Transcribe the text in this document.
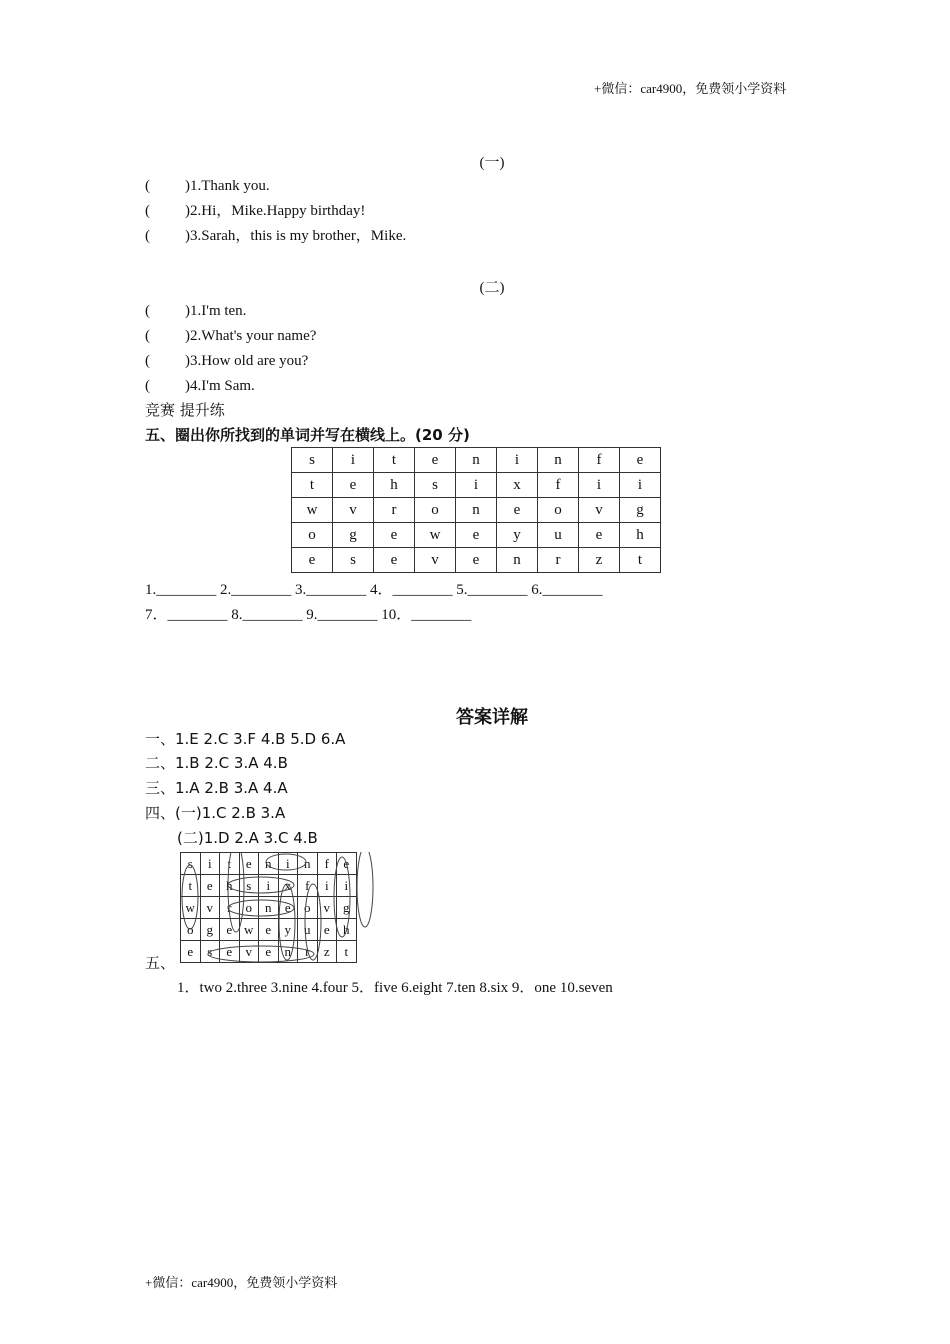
+微信：car4900，免费领小学资料
(一)
( )1.Thank you.
( )2.Hi，Mike.Happy birthday!
( )3.Sarah，this is my brother，Mike.
(二)
( )1.I'm ten.
( )2.What's your name?
( )3.How old are you?
( )4.I'm Sam.
竞赛 提升练
五、圈出你所找到的单词并写在横线上。(20 分)
s	i	t	e	n	i	n	f	e
t	e	h	s	i	x	f	i	i
w	v	r	o	n	e	o	v	g
o	g	e	w	e	y	u	e	h
e	s	e	v	e	n	r	z	t
1.________ 2.________ 3.________ 4．________ 5.________ 6.________
7．________ 8.________ 9.________ 10．________
答案详解
一、1.E 2.C 3.F 4.B 5.D 6.A
二、1.B 2.C 3.A 4.B
三、1.A 2.B 3.A 4.A
四、(一)1.C 2.B 3.A
(二)1.D 2.A 3.C 4.B
s	i	t	e	n	i	n	f	e
t	e	h	s	i	x	f	i	i
w	v	r	o	n	e	o	v	g
o	g	e	w	e	y	u	e	h
e	s	e	v	e	n	r	z	t
五、
1．two 2.three 3.nine 4.four 5．five 6.eight 7.ten 8.six 9．one 10.seven
+微信：car4900，免费领小学资料
